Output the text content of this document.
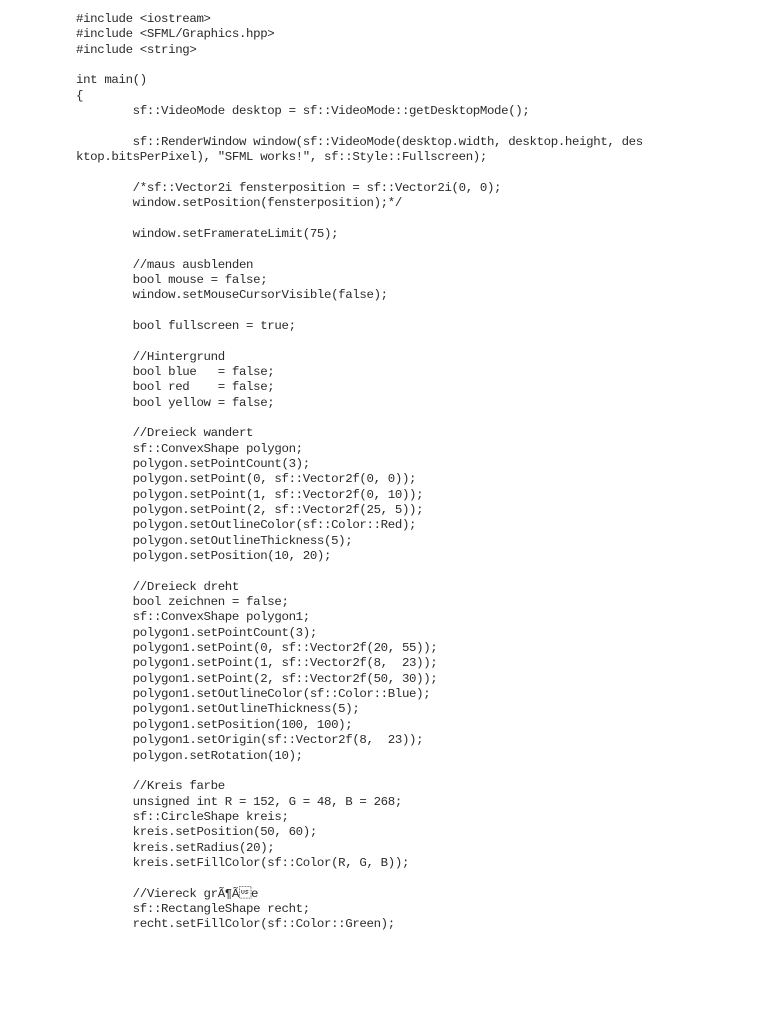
#include <iostream>
#include <SFML/Graphics.hpp>
#include <string>
int main()
{
sf::VideoMode desktop = sf::VideoMode::getDesktopMode();
sf::RenderWindow window(sf::VideoMode(desktop.width, desktop.height, des
ktop.bitsPerPixel), "SFML works!", sf::Style::Fullscreen);
/*sf::Vector2i fensterposition = sf::Vector2i(0, 0);
window.setPosition(fensterposition);*/
window.setFramerateLimit(75);
//maus ausblenden
bool mouse = false;
window.setMouseCursorVisible(false);
bool fullscreen = true;
//Hintergrund
bool blue   = false;
bool red    = false;
bool yellow = false;
//Dreieck wandert
sf::ConvexShape polygon;
polygon.setPointCount(3);
polygon.setPoint(0, sf::Vector2f(0, 0));
polygon.setPoint(1, sf::Vector2f(0, 10));
polygon.setPoint(2, sf::Vector2f(25, 5));
polygon.setOutlineColor(sf::Color::Red);
polygon.setOutlineThickness(5);
polygon.setPosition(10, 20);
//Dreieck dreht
bool zeichnen = false;
sf::ConvexShape polygon1;
polygon1.setPointCount(3);
polygon1.setPoint(0, sf::Vector2f(20, 55));
polygon1.setPoint(1, sf::Vector2f(8,  23));
polygon1.setPoint(2, sf::Vector2f(50, 30));
polygon1.setOutlineColor(sf::Color::Blue);
polygon1.setOutlineThickness(5);
polygon1.setPosition(100, 100);
polygon1.setOrigin(sf::Vector2f(8,  23));
polygon.setRotation(10);
//Kreis farbe
unsigned int R = 152, G = 48, B = 268;
sf::CircleShape kreis;
kreis.setPosition(50, 60);
kreis.setRadius(20);
kreis.setFillColor(sf::Color(R, G, B));
//Viereck grÃ¶Ãe
sf::RectangleShape recht;
recht.setFillColor(sf::Color::Green);
